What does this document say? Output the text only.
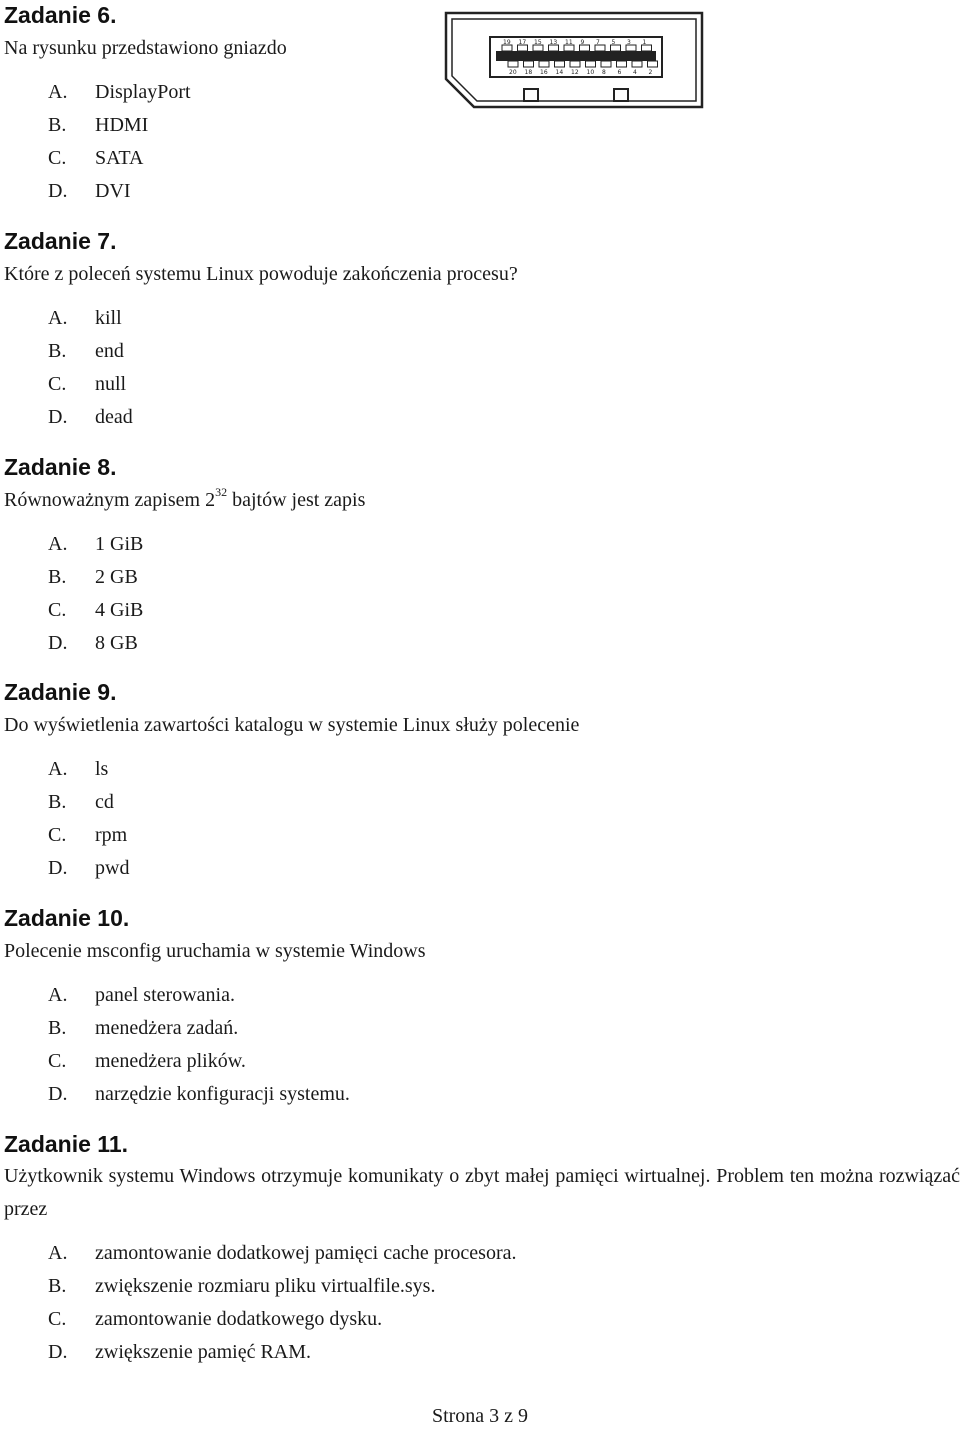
Zadanie 6.

Na rysunku przedstawiono gniazdo

A. DisplayPort
B. HDMI
C. SATA
D. DVI
19 17 15 13 11 9 7 5 3 1
20 18 16 14 12 10 8 6 4 2
Zadanie 7.

Które z poleceń systemu Linux powoduje zakończenia procesu?

A. kill
B. end
C. null
D. dead
Zadanie 8.

Równoważnym zapisem $2^{32}$ bajtów jest zapis

A. 1 GiB
B. 2 GB
C. 4 GiB
D. 8 GB
Zadanie 9.

Do wyświetlenia zawartości katalogu w systemie Linux służy polecenie

A. ls
B. cd
C. rpm
D. pwd
Zadanie 10.

Polecenie msconfig uruchamia w systemie Windows

A. panel sterowania.
B. menedżera zadań.
C. menedżera plików.
D. narzędzie konfiguracji systemu.
Zadanie 11.

Użytkownik systemu Windows otrzymuje komunikaty o zbyt małej pamięci wirtualnej. Problem ten można rozwiązać przez

A. zamontowanie dodatkowej pamięci cache procesora.
B. zwiększenie rozmiaru pliku virtualfile.sys.
C. zamontowanie dodatkowego dysku.
D. zwiększenie pamięć RAM.
Strona 3 z 9
